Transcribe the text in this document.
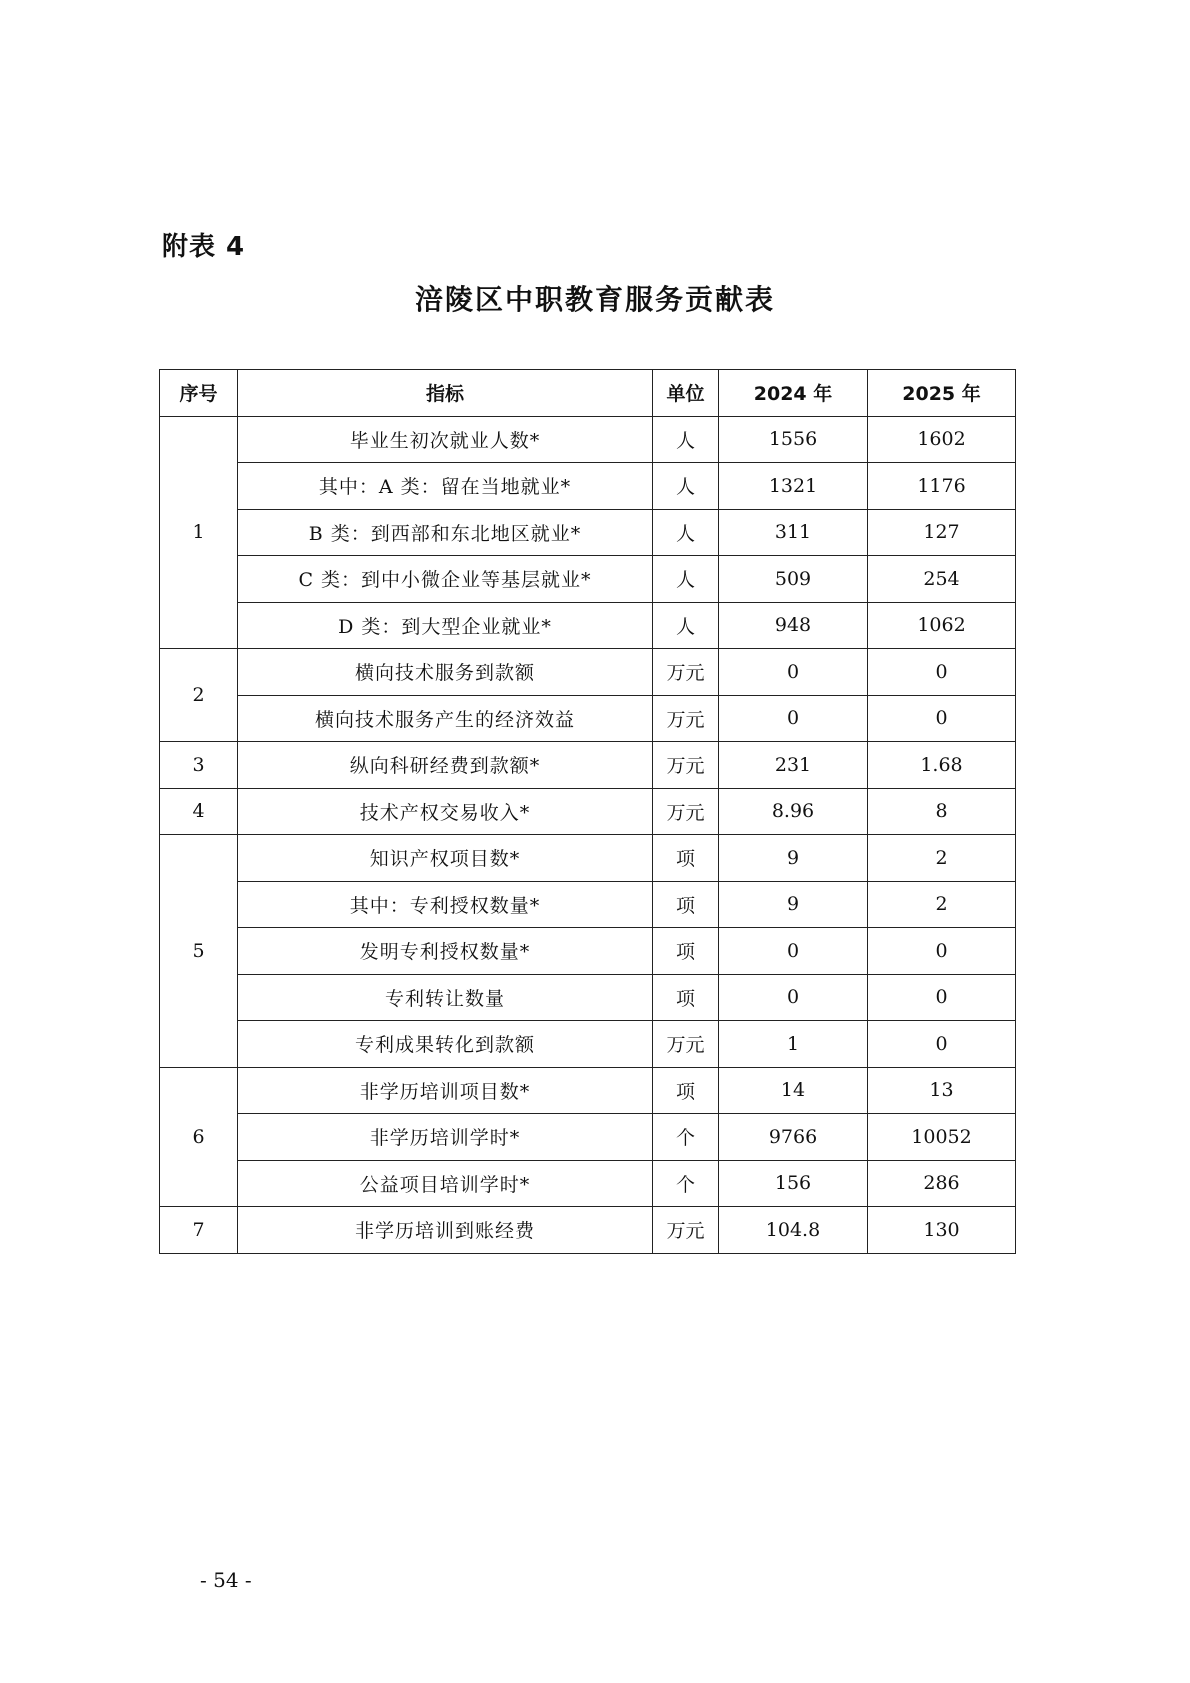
附表 4
涪陵区中职教育服务贡献表
序号	指标	单位	2024 年	2025 年
1	毕业生初次就业人数*	人	1556	1602
	其中：A 类：留在当地就业*	人	1321	1176
	B 类：到西部和东北地区就业*	人	311	127
	C 类：到中小微企业等基层就业*	人	509	254
	D 类：到大型企业就业*	人	948	1062
2	横向技术服务到款额	万元	0	0
	横向技术服务产生的经济效益	万元	0	0
3	纵向科研经费到款额*	万元	231	1.68
4	技术产权交易收入*	万元	8.96	8
5	知识产权项目数*	项	9	2
	其中：专利授权数量*	项	9	2
	发明专利授权数量*	项	0	0
	专利转让数量	项	0	0
	专利成果转化到款额	万元	1	0
6	非学历培训项目数*	项	14	13
	非学历培训学时*	个	9766	10052
	公益项目培训学时*	个	156	286
7	非学历培训到账经费	万元	104.8	130
- 54 -
